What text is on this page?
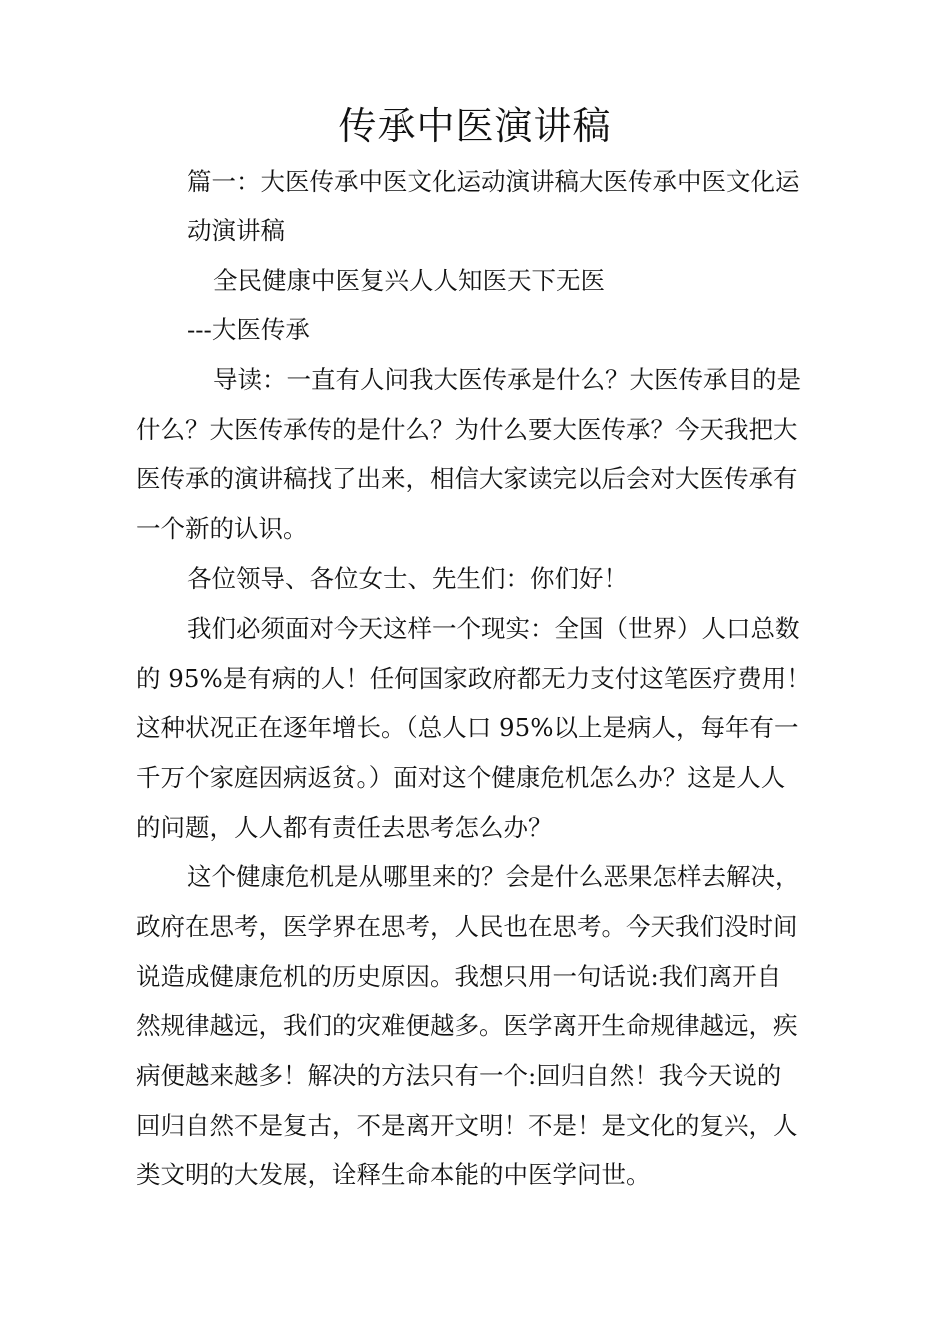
传承中医演讲稿
篇一：大医传承中医文化运动演讲稿大医传承中医文化运
动演讲稿
全民健康中医复兴人人知医天下无医
---大医传承
导读：一直有人问我大医传承是什么？大医传承目的是
什么？大医传承传的是什么？为什么要大医传承？今天我把大
医传承的演讲稿找了出来，相信大家读完以后会对大医传承有
一个新的认识。
各位领导、各位女士、先生们：你们好！
我们必须面对今天这样一个现实：全国（世界）人口总数
的 95%是有病的人！任何国家政府都无力支付这笔医疗费用！
这种状况正在逐年增长。（总人口 95%以上是病人，每年有一
千万个家庭因病返贫。）面对这个健康危机怎么办？这是人人
的问题，人人都有责任去思考怎么办？
这个健康危机是从哪里来的？会是什么恶果怎样去解决，
政府在思考，医学界在思考，人民也在思考。今天我们没时间
说造成健康危机的历史原因。我想只用一句话说:我们离开自
然规律越远，我们的灾难便越多。医学离开生命规律越远，疾
病便越来越多！解决的方法只有一个:回归自然！我今天说的
回归自然不是复古，不是离开文明！不是！是文化的复兴，人
类文明的大发展，诠释生命本能的中医学问世。
